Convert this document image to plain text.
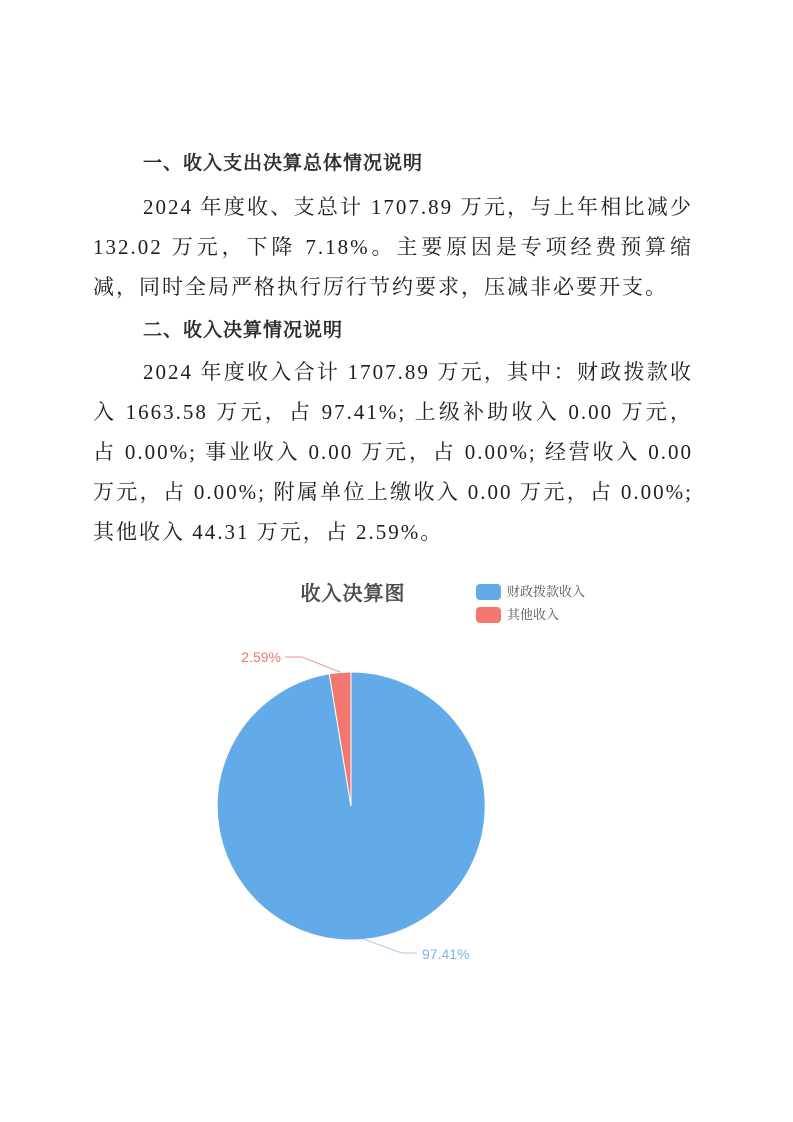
一、收入支出决算总体情况说明

2024 年度收、支总计 1707.89 万元，与上年相比减少 132.02 万元，下降 7.18%。主要原因是专项经费预算缩减，同时全局严格执行厉行节约要求，压减非必要开支。

二、收入决算情况说明

2024 年度收入合计 1707.89 万元，其中：财政拨款收入 1663.58 万元，占 97.41%; 上级补助收入 0.00 万元，占 0.00%; 事业收入 0.00 万元，占 0.00%; 经营收入 0.00 万元，占 0.00%; 附属单位上缴收入 0.00 万元，占 0.00%; 其他收入 44.31 万元，占 2.59%。

收入决算图	财政拨款收入
其他收入
2.59%
97.41%
